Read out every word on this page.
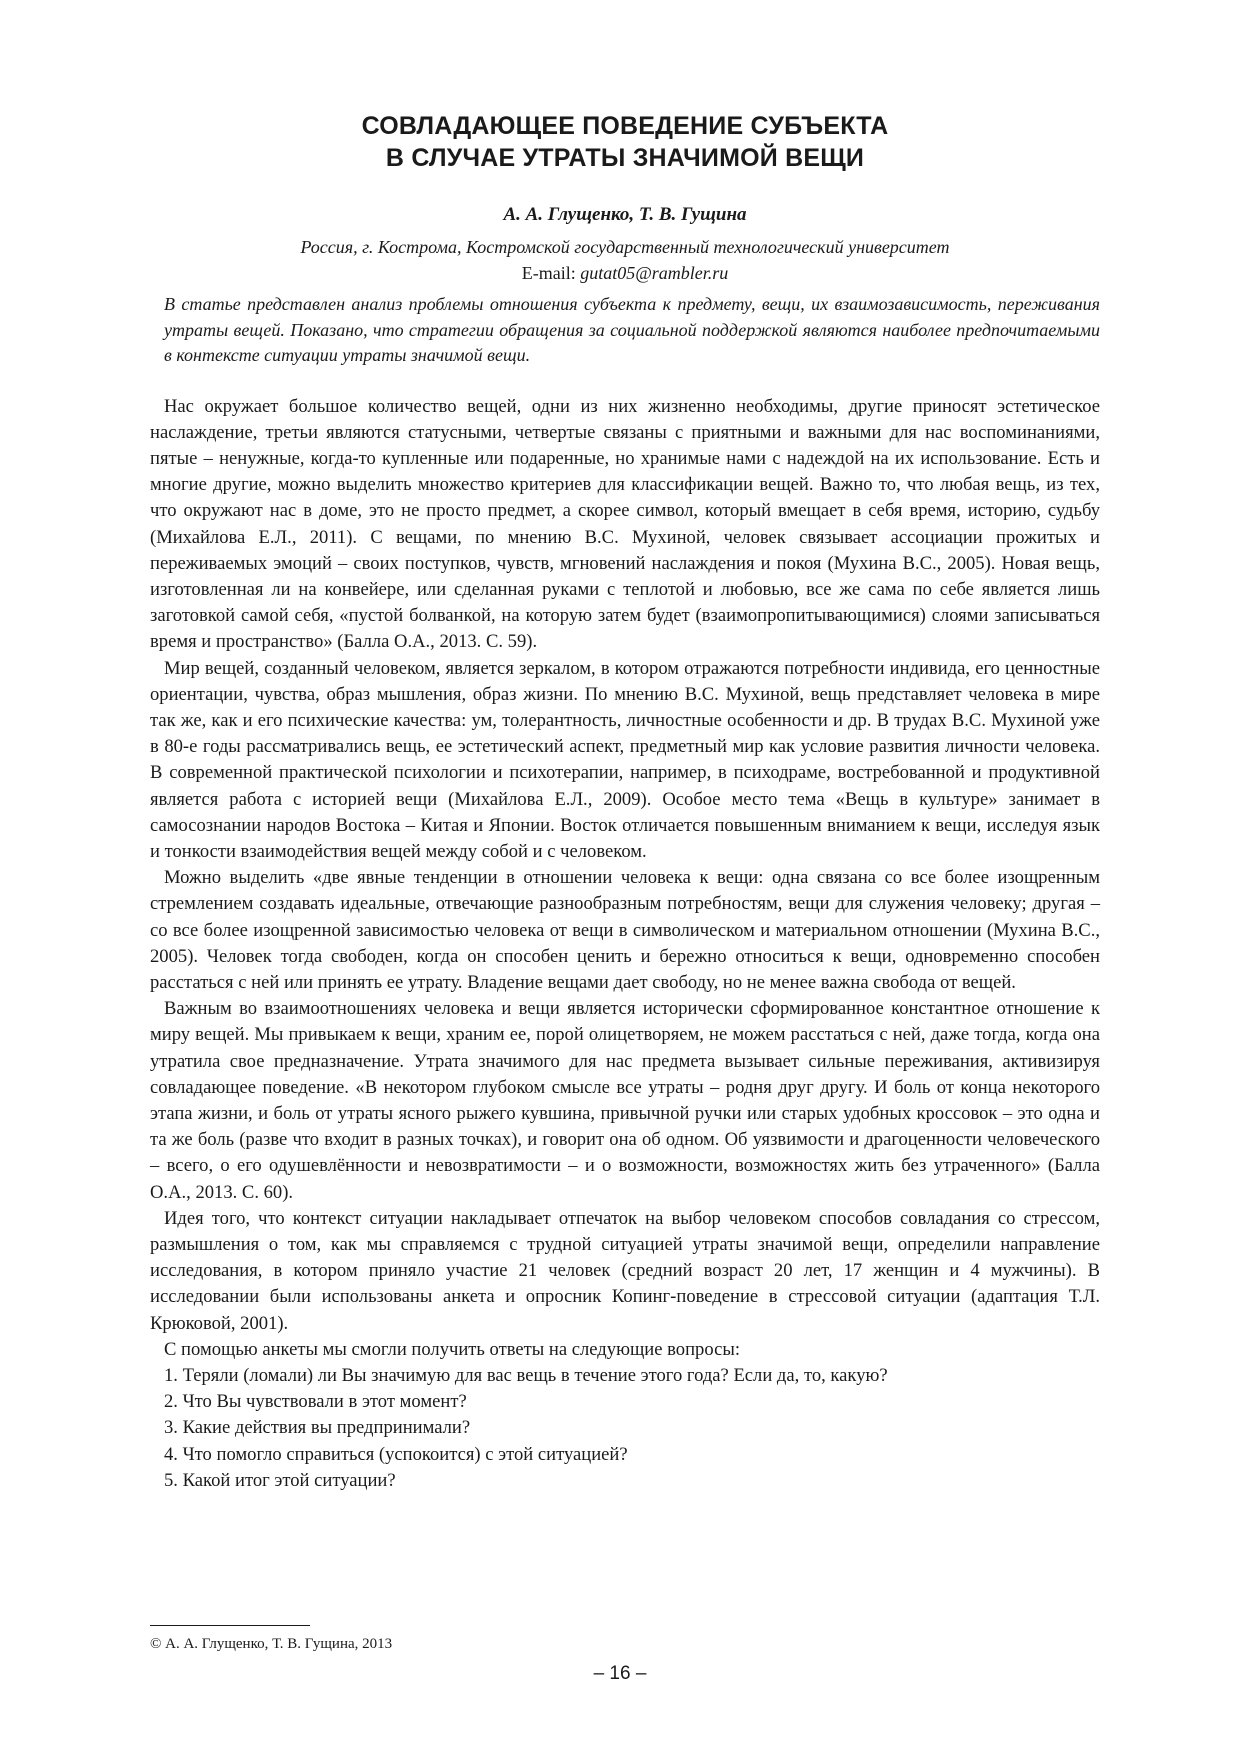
СОВЛАДАЮЩЕЕ ПОВЕДЕНИЕ СУБЪЕКТА
В СЛУЧАЕ УТРАТЫ ЗНАЧИМОЙ ВЕЩИ
А. А. Глущенко, Т. В. Гущина
Россия, г. Кострома, Костромской государственный технологический университет
E-mail: gutat05@rambler.ru

В статье представлен анализ проблемы отношения субъекта к предмету, вещи, их взаимозависимость, переживания утраты вещей. Показано, что стратегии обращения за социальной поддержкой являются наиболее предпочитаемыми в контексте ситуации утраты значимой вещи.

Нас окружает большое количество вещей, одни из них жизненно необходимы, другие приносят эстетическое наслаждение, третьи являются статусными, четвертые связаны с приятными и важными для нас воспоминаниями, пятые – ненужные, когда-то купленные или подаренные, но хранимые нами с надеждой на их использование. Есть и многие другие, можно выделить множество критериев для классификации вещей. Важно то, что любая вещь, из тех, что окружают нас в доме, это не просто предмет, а скорее символ, который вмещает в себя время, историю, судьбу (Михайлова Е.Л., 2011). С вещами, по мнению В.С. Мухиной, человек связывает ассоциации прожитых и переживаемых эмоций – своих поступков, чувств, мгновений наслаждения и покоя (Мухина В.С., 2005). Новая вещь, изготовленная ли на конвейере, или сделанная руками с теплотой и любовью, все же сама по себе является лишь заготовкой самой себя, «пустой болванкой, на которую затем будет (взаимопропитывающимися) слоями записываться время и пространство» (Балла О.А., 2013. С. 59).

Мир вещей, созданный человеком, является зеркалом, в котором отражаются потребности индивида, его ценностные ориентации, чувства, образ мышления, образ жизни. По мнению В.С. Мухиной, вещь представляет человека в мире так же, как и его психические качества: ум, толерантность, личностные особенности и др. В трудах В.С. Мухиной уже в 80-е годы рассматривались вещь, ее эстетический аспект, предметный мир как условие развития личности человека. В современной практической психологии и психотерапии, например, в психодраме, востребованной и продуктивной является работа с историей вещи (Михайлова Е.Л., 2009). Особое место тема «Вещь в культуре» занимает в самосознании народов Востока – Китая и Японии. Восток отличается повышенным вниманием к вещи, исследуя язык и тонкости взаимодействия вещей между собой и с человеком.

Можно выделить «две явные тенденции в отношении человека к вещи: одна связана со все более изощренным стремлением создавать идеальные, отвечающие разнообразным потребностям, вещи для служения человеку; другая – со все более изощренной зависимостью человека от вещи в символическом и материальном отношении (Мухина В.С., 2005). Человек тогда свободен, когда он способен ценить и бережно относиться к вещи, одновременно способен расстаться с ней или принять ее утрату. Владение вещами дает свободу, но не менее важна свобода от вещей.

Важным во взаимоотношениях человека и вещи является исторически сформированное константное отношение к миру вещей. Мы привыкаем к вещи, храним ее, порой олицетворяем, не можем расстаться с ней, даже тогда, когда она утратила свое предназначение. Утрата значимого для нас предмета вызывает сильные переживания, активизируя совладающее поведение. «В некотором глубоком смысле все утраты – родня друг другу. И боль от конца некоторого этапа жизни, и боль от утраты ясного рыжего кувшина, привычной ручки или старых удобных кроссовок – это одна и та же боль (разве что входит в разных точках), и говорит она об одном. Об уязвимости и драгоценности человеческого – всего, о его одушевлённости и невозвратимости – и о возможности, возможностях жить без утраченного» (Балла О.А., 2013. С. 60).

Идея того, что контекст ситуации накладывает отпечаток на выбор человеком способов совладания со стрессом, размышления о том, как мы справляемся с трудной ситуацией утраты значимой вещи, определили направление исследования, в котором приняло участие 21 человек (средний возраст 20 лет, 17 женщин и 4 мужчины). В исследовании были использованы анкета и опросник Копинг-поведение в стрессовой ситуации (адаптация Т.Л. Крюковой, 2001).

С помощью анкеты мы смогли получить ответы на следующие вопросы:

1. Теряли (ломали) ли Вы значимую для вас вещь в течение этого года? Если да, то, какую?
2. Что Вы чувствовали в этот момент?
3. Какие действия вы предпринимали?
4. Что помогло справиться (успокоится) с этой ситуацией?
5. Какой итог этой ситуации?
© А. А. Глущенко, Т. В. Гущина, 2013
– 16 –
